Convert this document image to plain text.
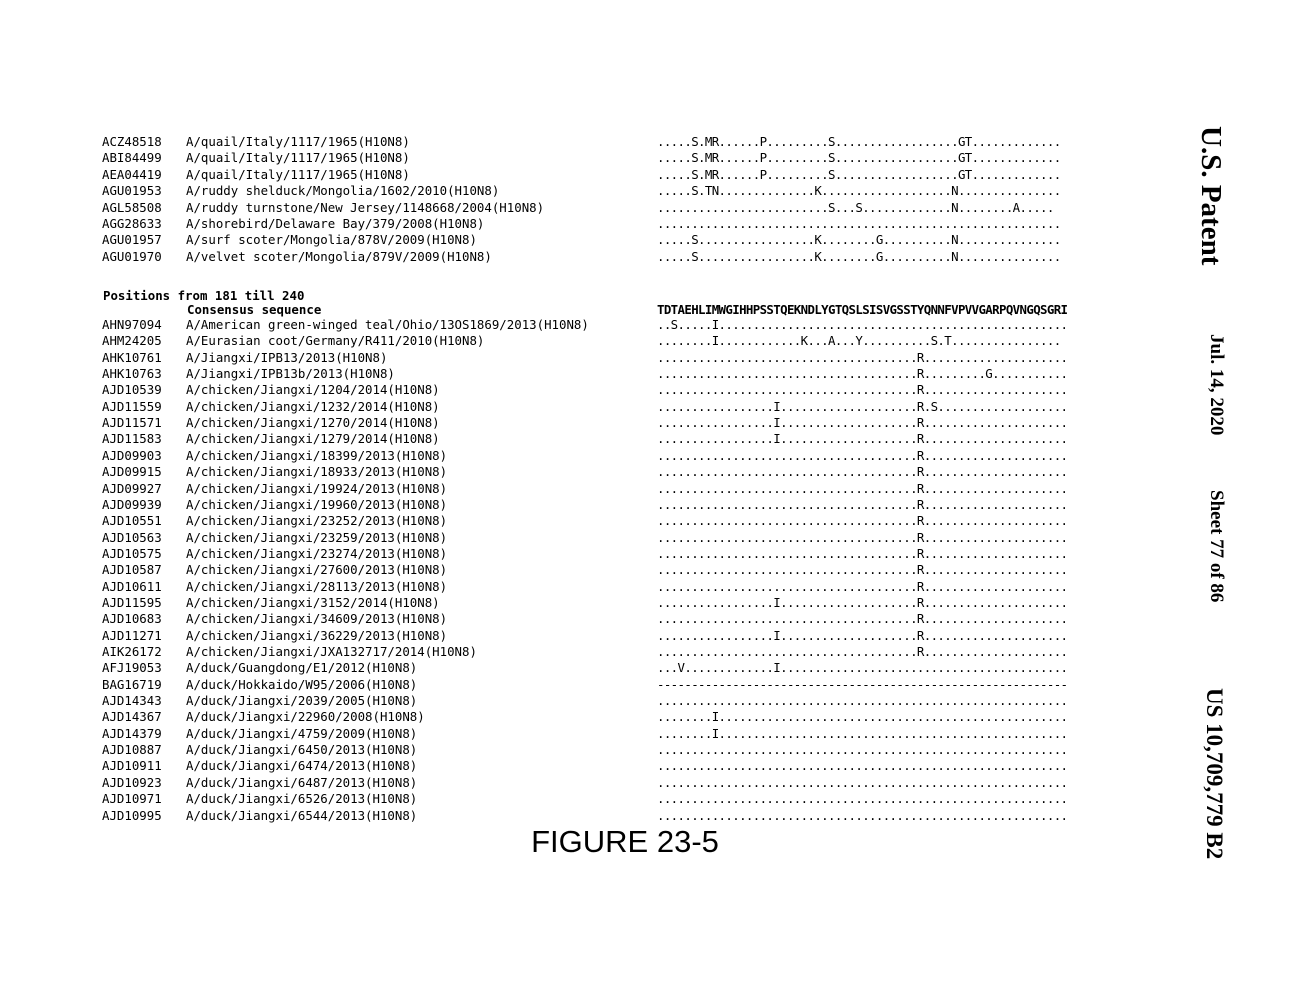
ACZ48518 A/quail/Italy/1117/1965(H10N8)	.....S.MR......P.........S..................GT.............
ABI84499 A/quail/Italy/1117/1965(H10N8)	.....S.MR......P.........S..................GT.............
AEA04419 A/quail/Italy/1117/1965(H10N8)	.....S.MR......P.........S..................GT.............
AGU01953 A/ruddy shelduck/Mongolia/1602/2010(H10N8)	.....S.TN..............K...................N...............
AGL58508 A/ruddy turnstone/New Jersey/1148668/2004(H10N8)	.........................S...S.............N........A.....
AGG28633 A/shorebird/Delaware Bay/379/2008(H10N8)	...........................................................
AGU01957 A/surf scoter/Mongolia/878V/2009(H10N8)	.....S.................K........G..........N...............
AGU01970 A/velvet scoter/Mongolia/879V/2009(H10N8)	.....S.................K........G..........N...............
Positions from 181 till 240
Consensus sequence	TDTAEHLIMWGIHHPSSTQEKNDLYGTQSLSISVGSSTYQNNFVPVVGARPQVNGQSGRI
AHN97094 A/American green-winged teal/Ohio/13OS1869/2013(H10N8)	..S.....I...................................................
AHM24205 A/Eurasian coot/Germany/R411/2010(H10N8)	........I............K...A...Y..........S.T................
AHK10761 A/Jiangxi/IPB13/2013(H10N8)	......................................R.....................
AHK10763 A/Jiangxi/IPB13b/2013(H10N8)	......................................R.........G...........
AJD10539 A/chicken/Jiangxi/1204/2014(H10N8)	......................................R.....................
AJD11559 A/chicken/Jiangxi/1232/2014(H10N8)	.................I....................R.S...................
AJD11571 A/chicken/Jiangxi/1270/2014(H10N8)	.................I....................R.....................
AJD11583 A/chicken/Jiangxi/1279/2014(H10N8)	.................I....................R.....................
AJD09903 A/chicken/Jiangxi/18399/2013(H10N8)	......................................R.....................
AJD09915 A/chicken/Jiangxi/18933/2013(H10N8)	......................................R.....................
AJD09927 A/chicken/Jiangxi/19924/2013(H10N8)	......................................R.....................
AJD09939 A/chicken/Jiangxi/19960/2013(H10N8)	......................................R.....................
AJD10551 A/chicken/Jiangxi/23252/2013(H10N8)	......................................R.....................
AJD10563 A/chicken/Jiangxi/23259/2013(H10N8)	......................................R.....................
AJD10575 A/chicken/Jiangxi/23274/2013(H10N8)	......................................R.....................
AJD10587 A/chicken/Jiangxi/27600/2013(H10N8)	......................................R.....................
AJD10611 A/chicken/Jiangxi/28113/2013(H10N8)	......................................R.....................
AJD11595 A/chicken/Jiangxi/3152/2014(H10N8)	.................I....................R.....................
AJD10683 A/chicken/Jiangxi/34609/2013(H10N8)	......................................R.....................
AJD11271 A/chicken/Jiangxi/36229/2013(H10N8)	.................I....................R.....................
AIK26172 A/chicken/Jiangxi/JXA132717/2014(H10N8)	......................................R.....................
AFJ19053 A/duck/Guangdong/E1/2012(H10N8)	...V.............I..........................................
BAG16719 A/duck/Hokkaido/W95/2006(H10N8)	------------------------------------------------------------
AJD14343 A/duck/Jiangxi/2039/2005(H10N8)	............................................................
AJD14367 A/duck/Jiangxi/22960/2008(H10N8)	........I...................................................
AJD14379 A/duck/Jiangxi/4759/2009(H10N8)	........I...................................................
AJD10887 A/duck/Jiangxi/6450/2013(H10N8)	............................................................
AJD10911 A/duck/Jiangxi/6474/2013(H10N8)	............................................................
AJD10923 A/duck/Jiangxi/6487/2013(H10N8)	............................................................
AJD10971 A/duck/Jiangxi/6526/2013(H10N8)	............................................................
AJD10995 A/duck/Jiangxi/6544/2013(H10N8)	............................................................
FIGURE 23-5
U.S. Patent
Jul. 14, 2020
Sheet 77 of 86
US 10,709,779 B2
